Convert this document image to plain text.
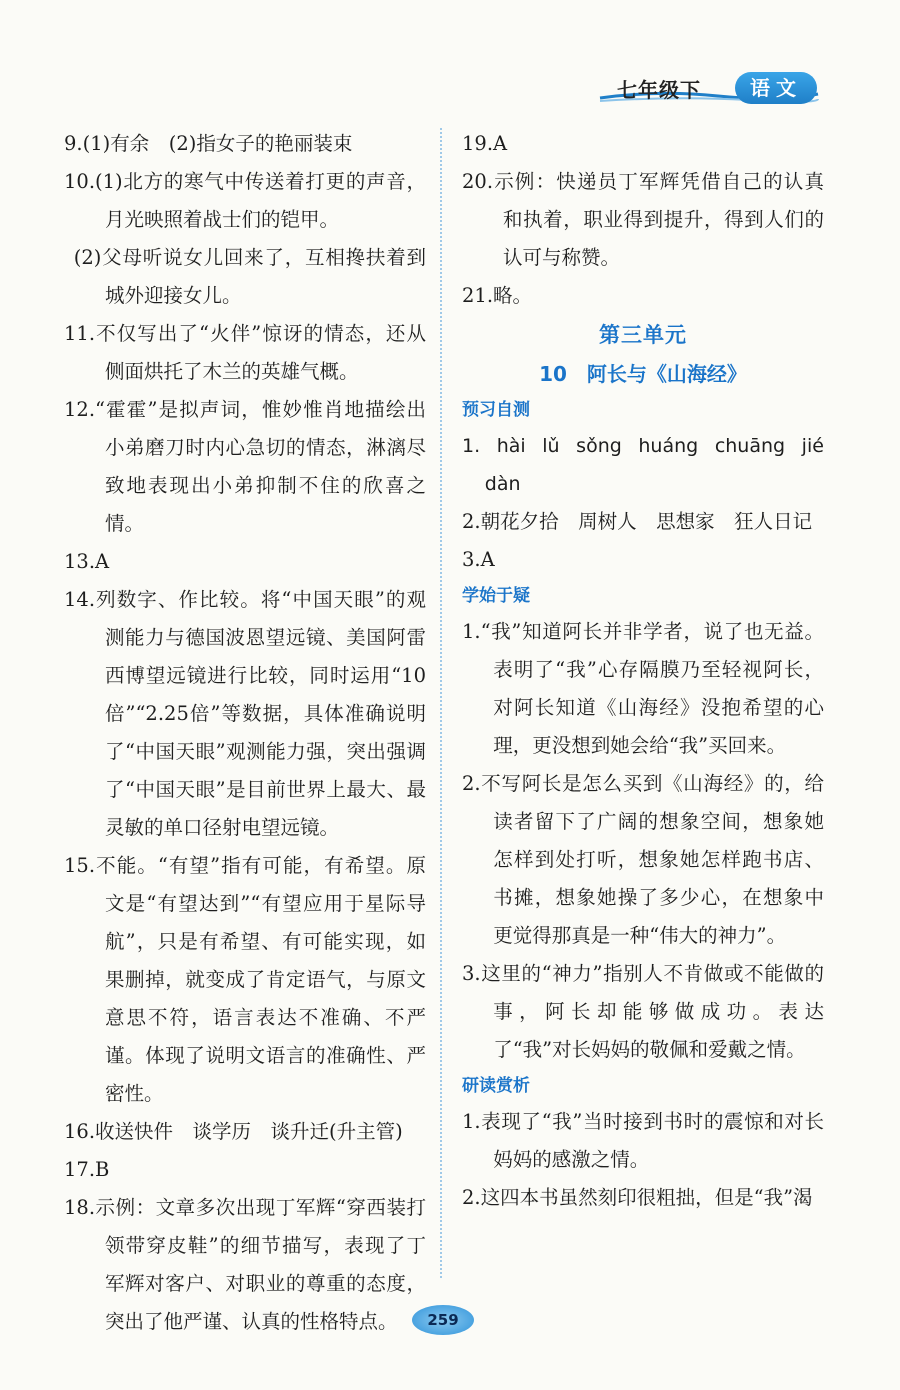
七年级下	语文

9.(1)有余　(2)指女子的艳丽装束

10.(1)北方的寒气中传送着打更的声音，月光映照着战士们的铠甲。

(2)父母听说女儿回来了，互相搀扶着到城外迎接女儿。

11.不仅写出了“火伴”惊讶的情态，还从侧面烘托了木兰的英雄气概。

12.“霍霍”是拟声词，惟妙惟肖地描绘出小弟磨刀时内心急切的情态，淋漓尽致地表现出小弟抑制不住的欣喜之情。

13.A

14.列数字、作比较。将“中国天眼”的观测能力与德国波恩望远镜、美国阿雷西博望远镜进行比较，同时运用“10倍”“2.25倍”等数据，具体准确说明了“中国天眼”观测能力强，突出强调了“中国天眼”是目前世界上最大、最灵敏的单口径射电望远镜。

15.不能。“有望”指有可能，有希望。原文是“有望达到”“有望应用于星际导航”，只是有希望、有可能实现，如果删掉，就变成了肯定语气，与原文意思不符，语言表达不准确、不严谨。体现了说明文语言的准确性、严密性。

16.收送快件　谈学历　谈升迁(升主管)

17.B

18.示例：文章多次出现丁军辉“穿西装打领带穿皮鞋”的细节描写，表现了丁军辉对客户、对职业的尊重的态度，突出了他严谨、认真的性格特点。

19.A

20.示例：快递员丁军辉凭借自己的认真和执着，职业得到提升，得到人们的认可与称赞。

21.略。

第三单元

10　阿长与《山海经》

预习自测

1. hài lǔ sǒng huáng chuāng jié
dàn

2.朝花夕拾　周树人　思想家　狂人日记

3.A

学始于疑

1.“我”知道阿长并非学者，说了也无益。表明了“我”心存隔膜乃至轻视阿长，对阿长知道《山海经》没抱希望的心理，更没想到她会给“我”买回来。

2.不写阿长是怎么买到《山海经》的，给读者留下了广阔的想象空间，想象她怎样到处打听，想象她怎样跑书店、书摊，想象她操了多少心，在想象中更觉得那真是一种“伟大的神力”。

3.这里的“神力”指别人不肯做或不能做的事，阿长却能够做成功。表达了“我”对长妈妈的敬佩和爱戴之情。

研读赏析

1.表现了“我”当时接到书时的震惊和对长妈妈的感激之情。

2.这四本书虽然刻印很粗拙，但是“我”渴

259
